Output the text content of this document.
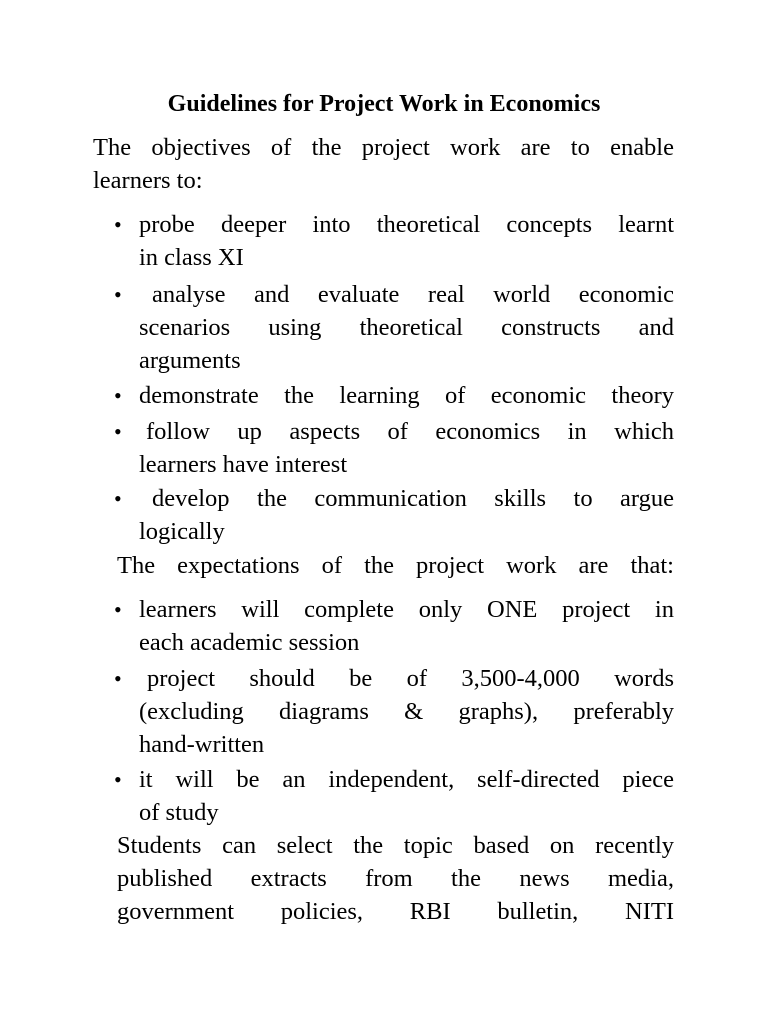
Guidelines for Project Work in Economics
The objectives of the project work are to enable
learners to:
• probe deeper into theoretical concepts learnt
in class XI
•	analyse and evaluate real world economic
scenarios using theoretical constructs and
arguments
• demonstrate the learning of economic theory
• follow up aspects of economics in which
learners have interest
•	develop the communication skills to argue
logically
The expectations of the project work are that:
• learners will complete only ONE project in
each academic session
•	project should be of 3,500-4,000 words
(excluding diagrams & graphs), preferably
hand-written
• it will be an independent, self-directed piece
of study
Students can select the topic based on recently
published extracts from the news media,
government policies, RBI bulletin, NITI
